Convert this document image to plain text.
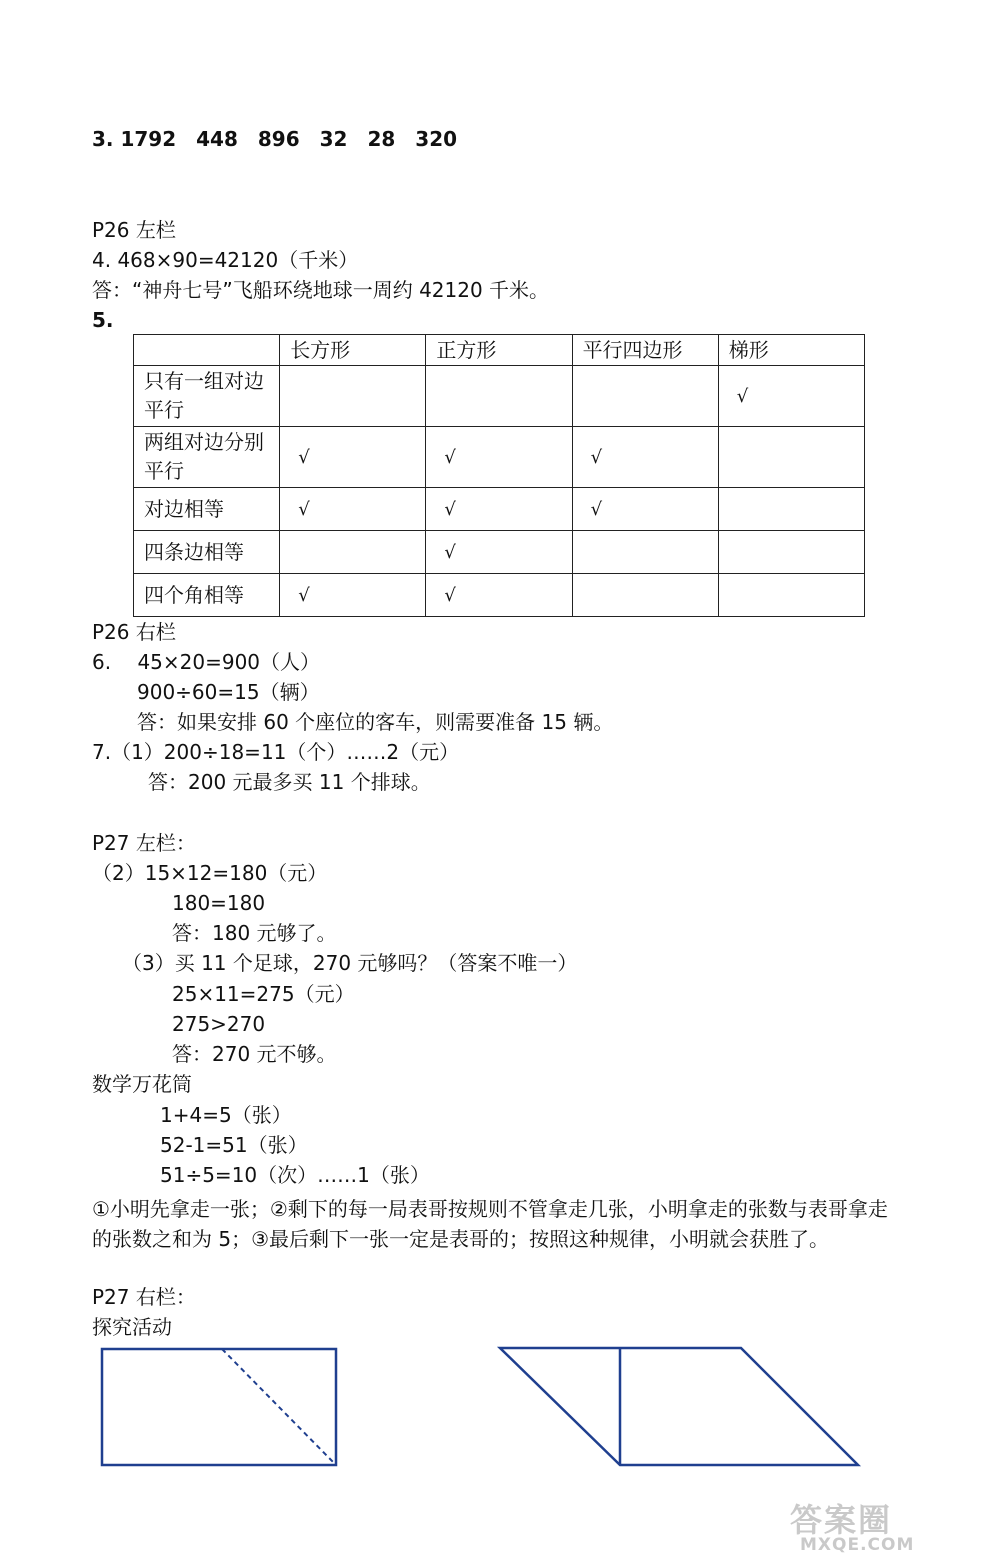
3. 1792　448　896　32　28　320
P26 左栏
4. 468×90=42120（千米）
答：“神舟七号”飞船环绕地球一周约 42120 千米。
5.
	长方形	正方形	平行四边形	梯形
只有一组对边平行				√
两组对边分别平行	√	√	√	
对边相等	√	√	√	
四条边相等		√		
四个角相等	√	√		
P26 右栏
6.　 45×20=900（人）
900÷60=15（辆）
答：如果安排 60 个座位的客车，则需要准备 15 辆。
7.（1）200÷18=11（个）……2（元）
答：200 元最多买 11 个排球。
P27 左栏：
（2）15×12=180（元）
180=180
答：180 元够了。
（3）买 11 个足球，270 元够吗？（答案不唯一）
25×11=275（元）
275>270
答：270 元不够。
数学万花筒
1+4=5（张）
52-1=51（张）
51÷5=10（次）……1（张）
①小明先拿走一张；②剩下的每一局表哥按规则不管拿走几张，小明拿走的张数与表哥拿走的张数之和为 5；③最后剩下一张一定是表哥的；按照这种规律，小明就会获胜了。
P27 右栏：
探究活动
答案圈
MXQE.COM
